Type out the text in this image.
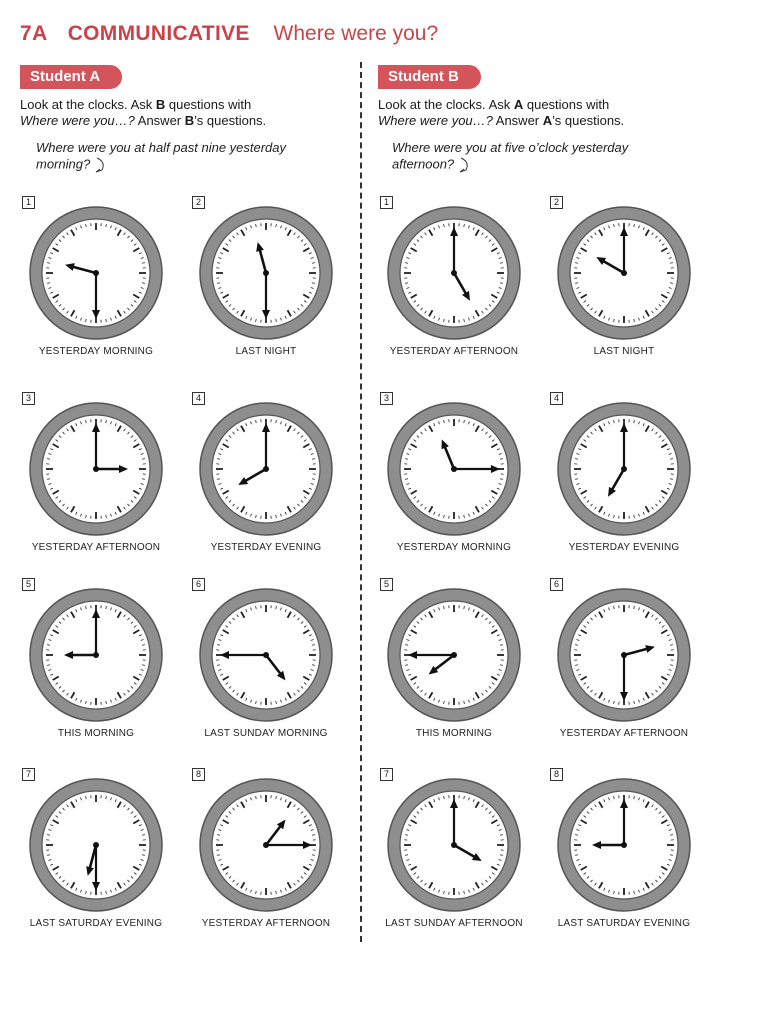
7A COMMUNICATIVE Where were you?
Student A
Look at the clocks. Ask B questions with
Where were you…? Answer B’s questions.
Where were you at half past nine yesterday morning?
Student B
Look at the clocks. Ask A questions with
Where were you…? Answer A’s questions.
Where were you at five o’clock yesterday afternoon?
1
YESTERDAY MORNING
2
LAST NIGHT
3
YESTERDAY AFTERNOON
4
YESTERDAY EVENING
5
THIS MORNING
6
LAST SUNDAY MORNING
7
LAST SATURDAY EVENING
8
YESTERDAY AFTERNOON
1
YESTERDAY AFTERNOON
2
LAST NIGHT
3
YESTERDAY MORNING
4
YESTERDAY EVENING
5
THIS MORNING
6
YESTERDAY AFTERNOON
7
LAST SUNDAY AFTERNOON
8
LAST SATURDAY EVENING
